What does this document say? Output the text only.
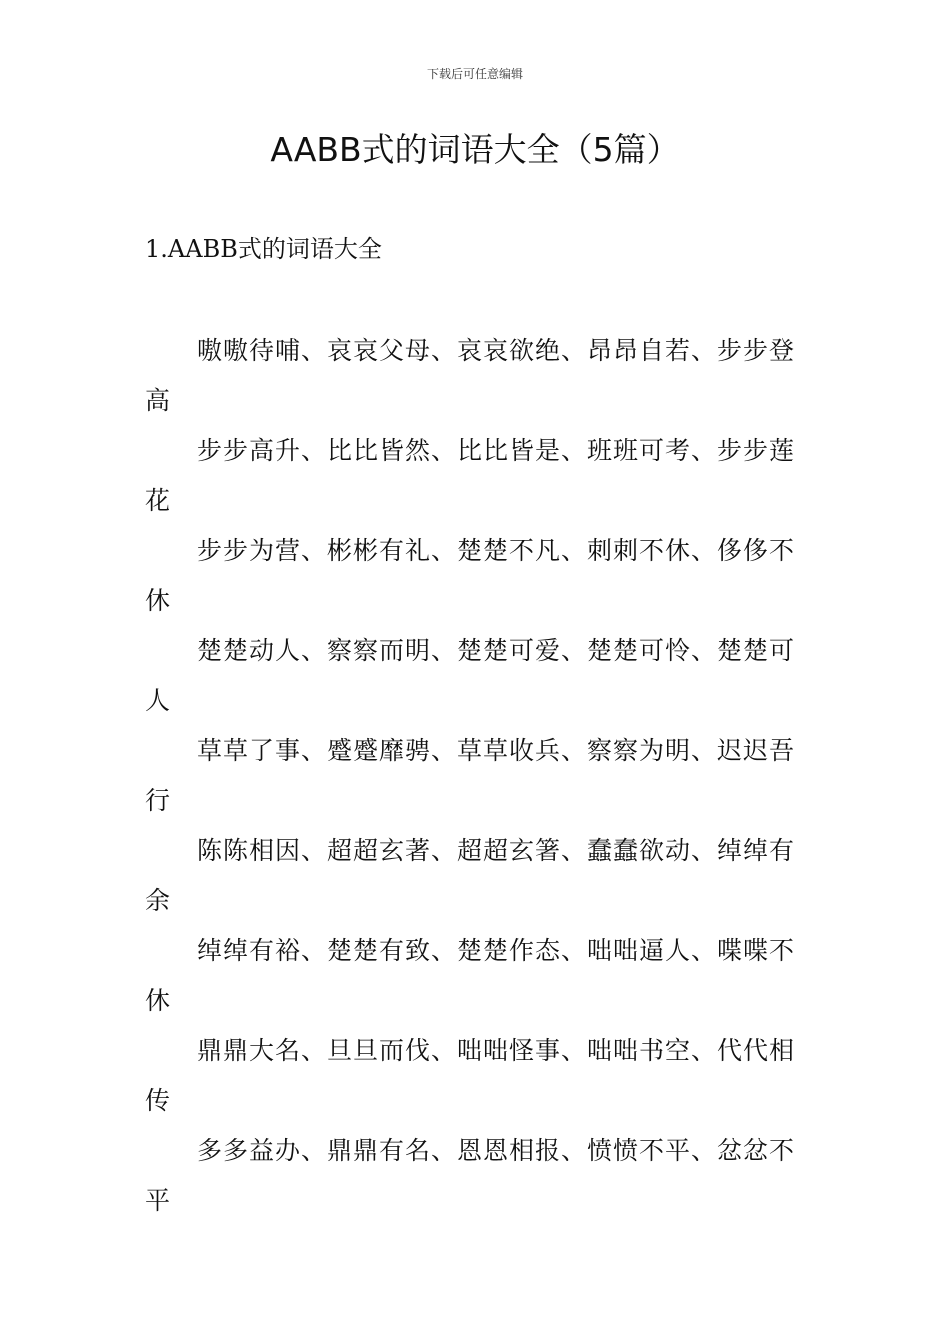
下载后可任意编辑
AABB式的词语大全（5篇）
1.AABB式的词语大全

嗷嗷待哺、哀哀父母、哀哀欲绝、昂昂自若、步步登高

步步高升、比比皆然、比比皆是、班班可考、步步莲花

步步为营、彬彬有礼、楚楚不凡、刺刺不休、侈侈不休

楚楚动人、察察而明、楚楚可爱、楚楚可怜、楚楚可人

草草了事、蹙蹙靡骋、草草收兵、察察为明、迟迟吾行

陈陈相因、超超玄著、超超玄箸、蠢蠢欲动、绰绰有余

绰绰有裕、楚楚有致、楚楚作态、咄咄逼人、喋喋不休

鼎鼎大名、旦旦而伐、咄咄怪事、咄咄书空、代代相传

多多益办、鼎鼎有名、恩恩相报、愤愤不平、忿忿不平
